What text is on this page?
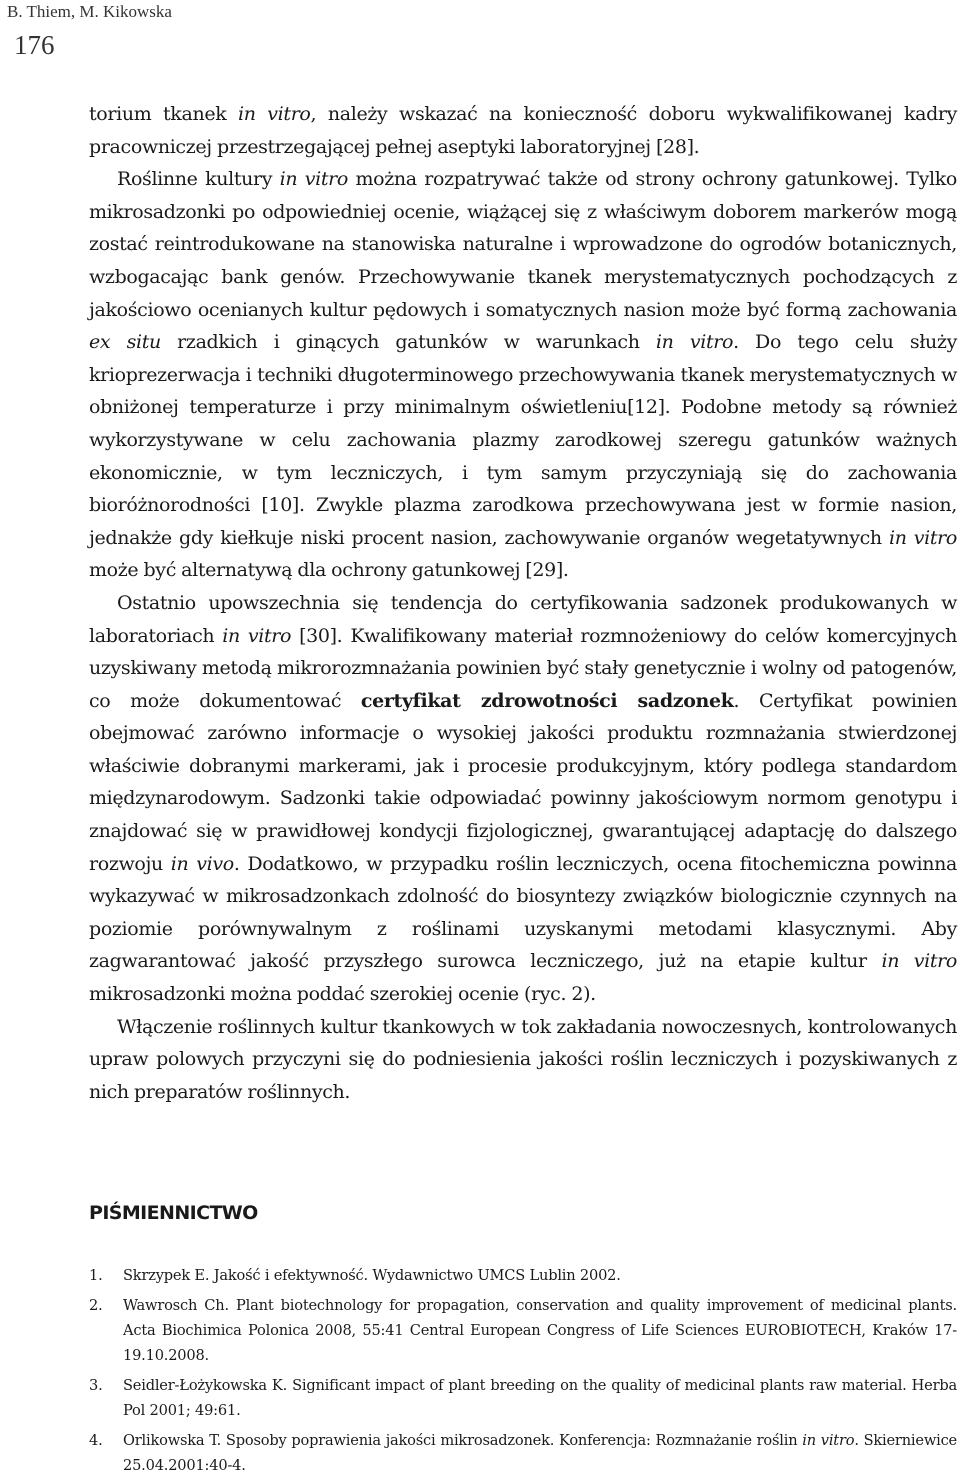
B. Thiem, M. Kikowska
176

torium tkanek in vitro, należy wskazać na konieczność doboru wykwalifikowanej kadry pracowniczej przestrzegającej pełnej aseptyki laboratoryjnej [28].

Roślinne kultury in vitro można rozpatrywać także od strony ochrony gatunkowej. Tylko mikrosadzonki po odpowiedniej ocenie, wiążącej się z właściwym doborem markerów mogą zostać reintrodukowane na stanowiska naturalne i wprowadzone do ogrodów botanicznych, wzbogacając bank genów. Przechowywanie tkanek merystematycznych pochodzących z jakościowo ocenianych kultur pędowych i somatycznych nasion może być formą zachowania ex situ rzadkich i ginących gatunków w warunkach in vitro. Do tego celu służy krioprezerwacja i techniki długoterminowego przechowywania tkanek merystematycznych w obniżonej temperaturze i przy minimalnym oświetleniu[12]. Podobne metody są również wykorzystywane w celu zachowania plazmy zarodkowej szeregu gatunków ważnych ekonomicznie, w tym leczniczych, i tym samym przyczyniają się do zachowania bioróżnorodności [10]. Zwykle plazma zarodkowa przechowywana jest w formie nasion, jednakże gdy kiełkuje niski procent nasion, zachowywanie organów wegetatywnych in vitro może być alternatywą dla ochrony gatunkowej [29].

Ostatnio upowszechnia się tendencja do certyfikowania sadzonek produkowanych w laboratoriach in vitro [30]. Kwalifikowany materiał rozmnożeniowy do celów komercyjnych uzyskiwany metodą mikrorozmnażania powinien być stały genetycznie i wolny od patogenów, co może dokumentować certyfikat zdrowotności sadzonek. Certyfikat powinien obejmować zarówno informacje o wysokiej jakości produktu rozmnażania stwierdzonej właściwie dobranymi markerami, jak i procesie produkcyjnym, który podlega standardom międzynarodowym. Sadzonki takie odpowiadać powinny jakościowym normom genotypu i znajdować się w prawidłowej kondycji fizjologicznej, gwarantującej adaptację do dalszego rozwoju in vivo. Dodatkowo, w przypadku roślin leczniczych, ocena fitochemiczna powinna wykazywać w mikrosadzonkach zdolność do biosyntezy związków biologicznie czynnych na poziomie porównywalnym z roślinami uzyskanymi metodami klasycznymi. Aby zagwarantować jakość przyszłego surowca leczniczego, już na etapie kultur in vitro mikrosadzonki można poddać szerokiej ocenie (ryc. 2).

Włączenie roślinnych kultur tkankowych w tok zakładania nowoczesnych, kontrolowanych upraw polowych przyczyni się do podniesienia jakości roślin leczniczych i pozyskiwanych z nich preparatów roślinnych.

PIŚMIENNICTWO
1. Skrzypek E. Jakość i efektywność. Wydawnictwo UMCS Lublin 2002.
2. Wawrosch Ch. Plant biotechnology for propagation, conservation and quality improvement of medicinal plants. Acta Biochimica Polonica 2008, 55:41 Central European Congress of Life Sciences EUROBIOTECH, Kraków 17-19.10.2008.
3. Seidler-Łożykowska K. Significant impact of plant breeding on the quality of medicinal plants raw material. Herba Pol 2001; 49:61.
4. Orlikowska T. Sposoby poprawienia jakości mikrosadzonek. Konferencja: Rozmnażanie roślin in vitro. Skierniewice 25.04.2001:40-4.
